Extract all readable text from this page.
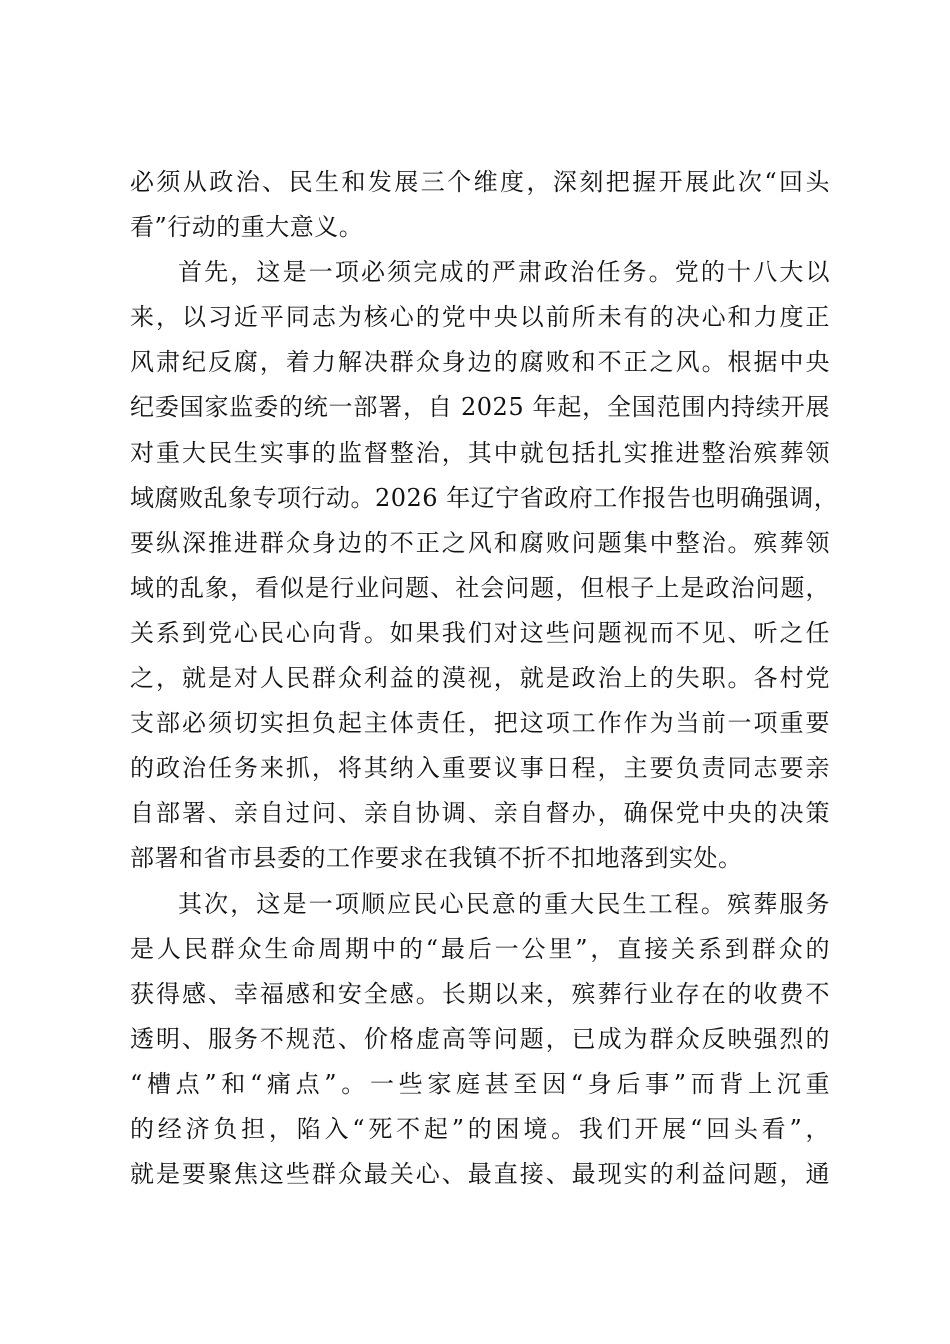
必须从政治、民生和发展三个维度，深刻把握开展此次“回头
看”行动的重大意义。
首先，这是一项必须完成的严肃政治任务。党的十八大以
来，以习近平同志为核心的党中央以前所未有的决心和力度正
风肃纪反腐，着力解决群众身边的腐败和不正之风。根据中央
纪委国家监委的统一部署，自 2025 年起，全国范围内持续开展
对重大民生实事的监督整治，其中就包括扎实推进整治殡葬领
域腐败乱象专项行动。2026 年辽宁省政府工作报告也明确强调，
要纵深推进群众身边的不正之风和腐败问题集中整治。殡葬领
域的乱象，看似是行业问题、社会问题，但根子上是政治问题，
关系到党心民心向背。如果我们对这些问题视而不见、听之任
之，就是对人民群众利益的漠视，就是政治上的失职。各村党
支部必须切实担负起主体责任，把这项工作作为当前一项重要
的政治任务来抓，将其纳入重要议事日程，主要负责同志要亲
自部署、亲自过问、亲自协调、亲自督办，确保党中央的决策
部署和省市县委的工作要求在我镇不折不扣地落到实处。
其次，这是一项顺应民心民意的重大民生工程。殡葬服务
是人民群众生命周期中的“最后一公里”，直接关系到群众的
获得感、幸福感和安全感。长期以来，殡葬行业存在的收费不
透明、服务不规范、价格虚高等问题，已成为群众反映强烈的
“槽点”和“痛点”。一些家庭甚至因“身后事”而背上沉重
的经济负担，陷入“死不起”的困境。我们开展“回头看”，
就是要聚焦这些群众最关心、最直接、最现实的利益问题，通
